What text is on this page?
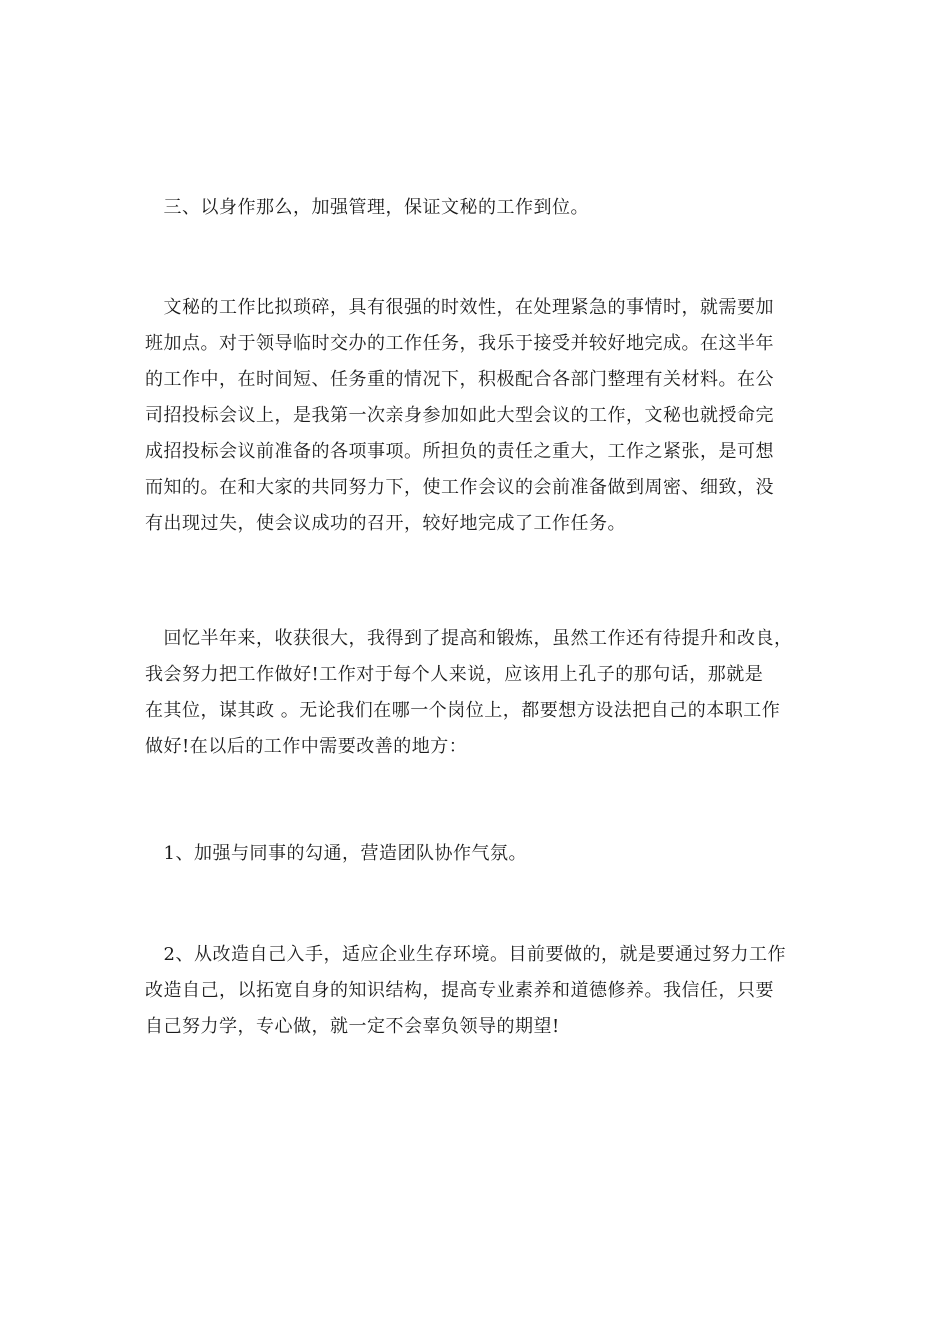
　三、以身作那么，加强管理，保证文秘的工作到位。
　文秘的工作比拟琐碎，具有很强的时效性，在处理紧急的事情时，就需要加
班加点。对于领导临时交办的工作任务，我乐于接受并较好地完成。在这半年
的工作中，在时间短、任务重的情况下，积极配合各部门整理有关材料。在公
司招投标会议上，是我第一次亲身参加如此大型会议的工作，文秘也就授命完
成招投标会议前准备的各项事项。所担负的责任之重大，工作之紧张，是可想
而知的。在和大家的共同努力下，使工作会议的会前准备做到周密、细致，没
有出现过失，使会议成功的召开，较好地完成了工作任务。
　回忆半年来，收获很大，我得到了提高和锻炼，虽然工作还有待提升和改良，
我会努力把工作做好!工作对于每个人来说，应该用上孔子的那句话，那就是
在其位，谋其政 。无论我们在哪一个岗位上，都要想方设法把自己的本职工作
做好!在以后的工作中需要改善的地方：
　1、加强与同事的勾通，营造团队协作气氛。
　2、从改造自己入手，适应企业生存环境。目前要做的，就是要通过努力工作
改造自己，以拓宽自身的知识结构，提高专业素养和道德修养。我信任，只要
自己努力学，专心做，就一定不会辜负领导的期望!
